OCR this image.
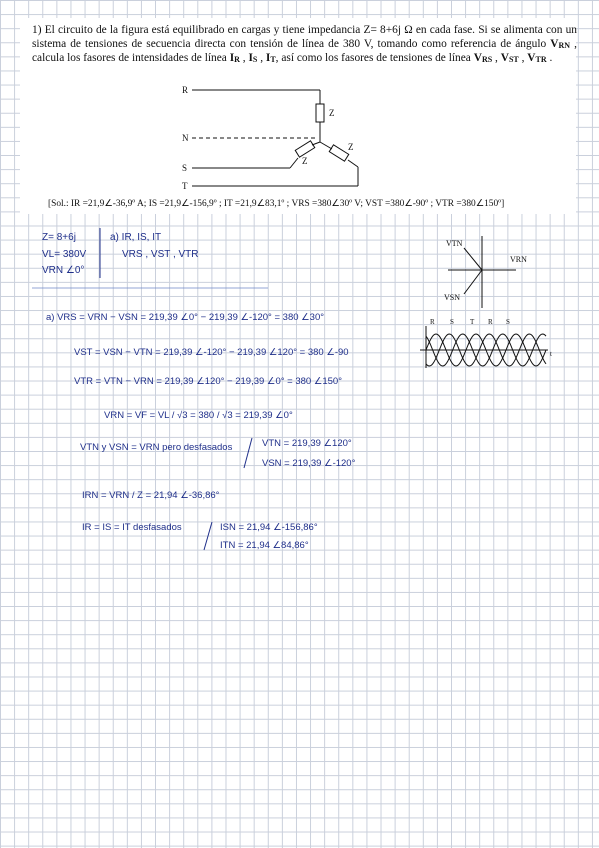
1) El circuito de la figura está equilibrado en cargas y tiene impedancia Z= 8+6j Ω en cada fase. Si se alimenta con un sistema de tensiones de secuencia directa con tensión de línea de 380 V, tomando como referencia de ángulo VRN , calcula los fasores de intensidades de línea IR , IS , IT, así como los fasores de tensiones de línea VRS , VST , VTR .
R
N
S
T
Z
Z
Z
[Sol.: IR =21,9∠-36,9º A; IS =21,9∠-156,9º ; IT =21,9∠83,1º ; VRS =380∠30º V; VST =380∠-90º ; VTR =380∠150º]
Z= 8+6j
VL= 380V
VRN ∠0°
a) IR, IS, IT
VRS , VST , VTR
VTN
VRN
VSN
R S T R S
t
a) VRS = VRN − VSN = 219,39 ∠0° − 219,39 ∠-120° = 380 ∠30°
VST = VSN − VTN = 219,39 ∠-120° − 219,39 ∠120° = 380 ∠-90
VTR = VTN − VRN = 219,39 ∠120° − 219,39 ∠0° = 380 ∠150°
VRN = VF = VL / √3 = 380 / √3 = 219,39 ∠0°
VTN y VSN = VRN pero desfasados	VTN = 219,39 ∠120°
VSN = 219,39 ∠-120°
IRN = VRN / Z = 21,94 ∠-36,86°
IR = IS = IT desfasados	ISN = 21,94 ∠-156,86°
ITN = 21,94 ∠84,86°
